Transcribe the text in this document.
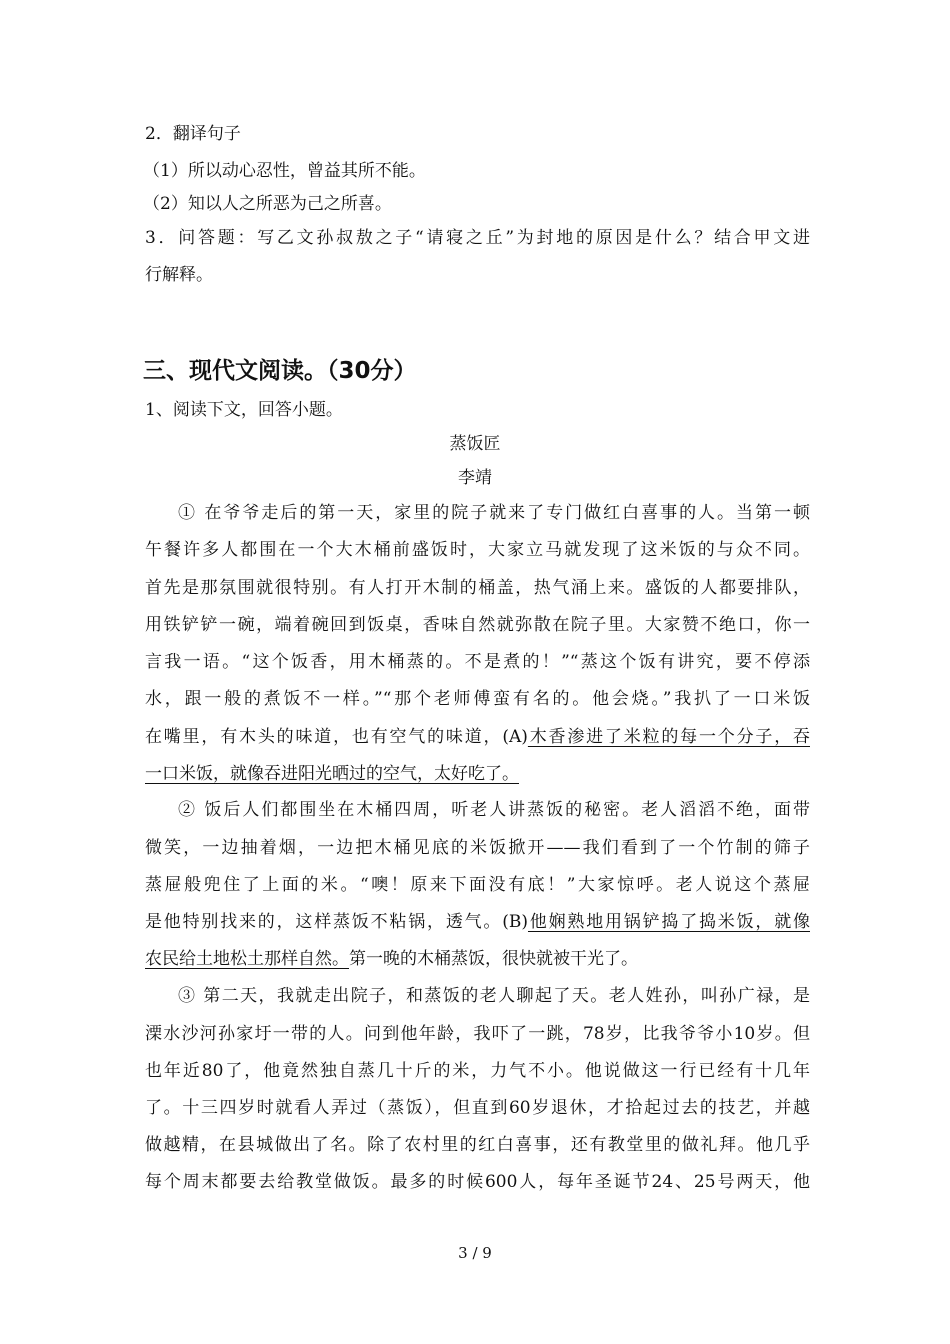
2．翻译句子
（1）所以动心忍性，曾益其所不能。
（2）知以人之所恶为己之所喜。
3．问答题：写乙文孙叔敖之子“请寝之丘”为封地的原因是什么？结合甲文进
行解释。
三、现代文阅读。（30分）
1、阅读下文，回答小题。
蒸饭匠
李靖
① 在爷爷走后的第一天，家里的院子就来了专门做红白喜事的人。当第一顿
午餐许多人都围在一个大木桶前盛饭时，大家立马就发现了这米饭的与众不同。
首先是那氛围就很特别。有人打开木制的桶盖，热气涌上来。盛饭的人都要排队，
用铁铲铲一碗，端着碗回到饭桌，香味自然就弥散在院子里。大家赞不绝口，你一
言我一语。“这个饭香，用木桶蒸的。不是煮的！”“蒸这个饭有讲究，要不停添
水，跟一般的煮饭不一样。”“那个老师傅蛮有名的。他会烧。”我扒了一口米饭
在嘴里，有木头的味道，也有空气的味道，(A)木香渗进了米粒的每一个分子，吞
一口米饭，就像吞进阳光晒过的空气，太好吃了。
② 饭后人们都围坐在木桶四周，听老人讲蒸饭的秘密。老人滔滔不绝，面带
微笑，一边抽着烟，一边把木桶见底的米饭掀开——我们看到了一个竹制的筛子
蒸屉般兜住了上面的米。“噢！原来下面没有底！”大家惊呼。老人说这个蒸屉
是他特别找来的，这样蒸饭不粘锅，透气。(B)他娴熟地用锅铲捣了捣米饭，就像
农民给土地松土那样自然。第一晚的木桶蒸饭，很快就被干光了。
③ 第二天，我就走出院子，和蒸饭的老人聊起了天。老人姓孙，叫孙广禄，是
溧水沙河孙家圩一带的人。问到他年龄，我吓了一跳，78岁，比我爷爷小10岁。但
也年近80了，他竟然独自蒸几十斤的米，力气不小。他说做这一行已经有十几年
了。十三四岁时就看人弄过（蒸饭），但直到60岁退休，才拾起过去的技艺，并越
做越精，在县城做出了名。除了农村里的红白喜事，还有教堂里的做礼拜。他几乎
每个周末都要去给教堂做饭。最多的时候600人，每年圣诞节24、25号两天，他
3 / 9
